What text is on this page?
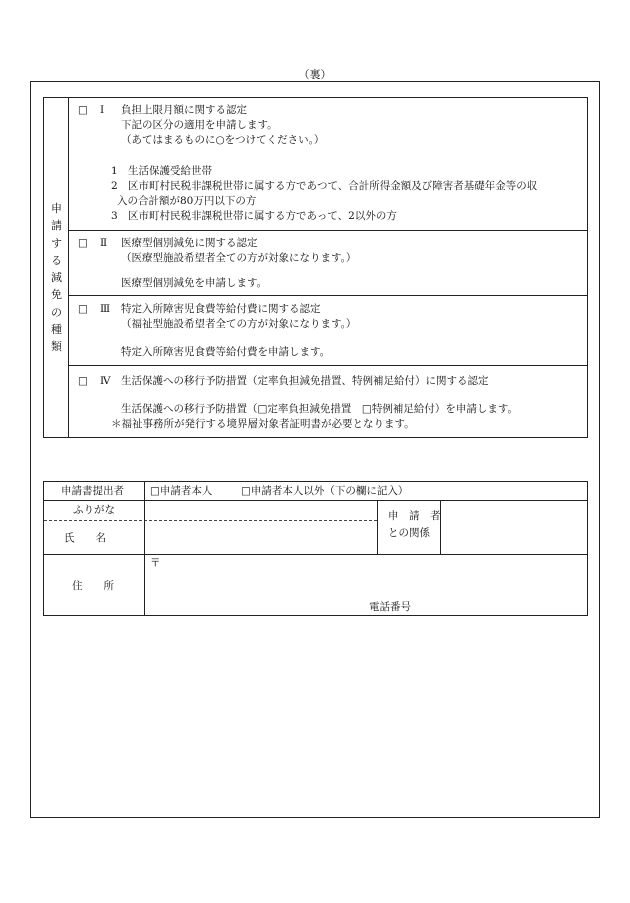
（裏）
申
請
す
る
減
免
の
種
類
□ Ⅰ 負担上限月額に関する認定
下記の区分の適用を申請します。
（あてはまるものに○をつけてください。）
1 生活保護受給世帯
2 区市町村民税非課税世帯に属する方であつて、合計所得金額及び障害者基礎年金等の収
入の合計額が80万円以下の方
3 区市町村民税非課税世帯に属する方であって、2以外の方
□ Ⅱ 医療型個別減免に関する認定
（医療型施設希望者全ての方が対象になります。）
医療型個別減免を申請します。
□ Ⅲ 特定入所障害児食費等給付費に関する認定
（福祉型施設希望者全ての方が対象になります。）
特定入所障害児食費等給付費を申請します。
□ Ⅳ 生活保護への移行予防措置（定率負担減免措置、特例補足給付）に関する認定
生活保護への移行予防措置（□定率負担減免措置　□特例補足給付）を申請します。
＊福祉事務所が発行する境界層対象者証明書が必要となります。
申請書提出者 □申請者本人	□申請者本人以外（下の欄に記入）
ふりがな
氏　　名
申　請　者
との関係
住　　所
〒
電話番号
